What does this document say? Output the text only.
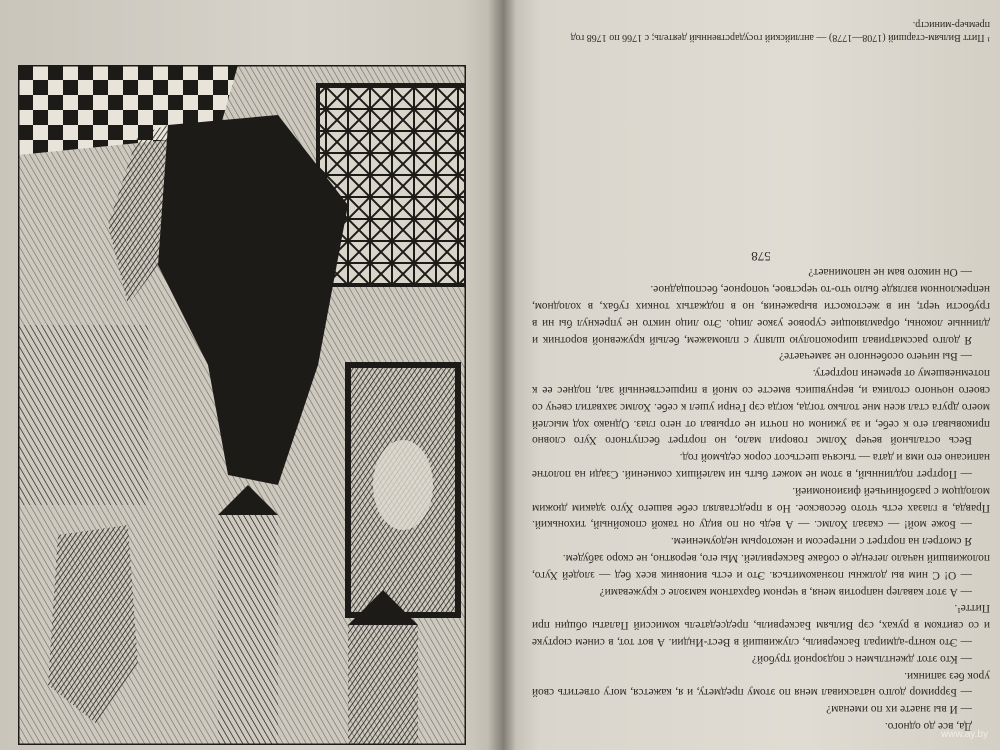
¹ Питт Вильям-старший (1708—1778) — английский государственный деятель; с 1766 по 1768 год премьер-министр.

Да, все до одного.

— И вы знаете их по именам?

— Бэрримор долго натаскивал меня по этому предмету, и я, кажется, могу ответить свой урок без запинки.

— Кто этот джентльмен с подзорной трубой?

— Это контр-адмирал Баскервиль, служивший в Вест-Индии. А вот тот, в синем сюртуке и со свитком в руках, сэр Вильям Баскервиль, председатель комиссий Палаты общин при Питте¹.

— А этот кавалер напротив меня, в черном бархатном камзоле с кружевами?

— О! С ним вы должны познакомиться. Это и есть виновник всех бед — злодей Хуго, положивший начало легенде о собаке Баскервилей. Мы его, вероятно, не скоро забудем.

Я смотрел на портрет с интересом и некоторым недоумением.

— Боже мой! — сказал Холмс. — А ведь он по виду он такой спокойный, тихонький. Правда, в глазах есть чтото бесовское. Но я представлял себе вашего Хуго эдаким дюжим молодцом с разбойничьей физиономией.

— Портрет подлинный, в этом не может быть ни малейших сомнений. Сзади на полотне написано его имя и дата — тысяча шестьсот сорок седьмой год.

Весь остальной вечер Холмс говорил мало, но портрет беспутного Хуго словно приковывал его к себе, и за ужином он почти не отрывал от него глаз. Однако ход мыслей моего друга стал ясен мне только тогда, когда сэр Генри ушел к себе. Холмс захватил свечу со своего ночного столика и, вернувшись вместе со мной в пиршественный зал, поднес ее к потемневшему от времени портрету.

— Вы ничего особенного не замечаете?

Я долго рассматривал широкополую шляпу с плюмажем, белый кружевной воротник и длинные локоны, обрамляющие суровое узкое лицо. Это лицо никто не упрекнул бы ни в грубости черт, ни в жестокости выражения, но в поджатых тонких губах, в холодном, непреклонном взгляде было что-то черствое, чопорное, беспощадное.

— Он никого вам не напоминает?

578

www.ay.by
